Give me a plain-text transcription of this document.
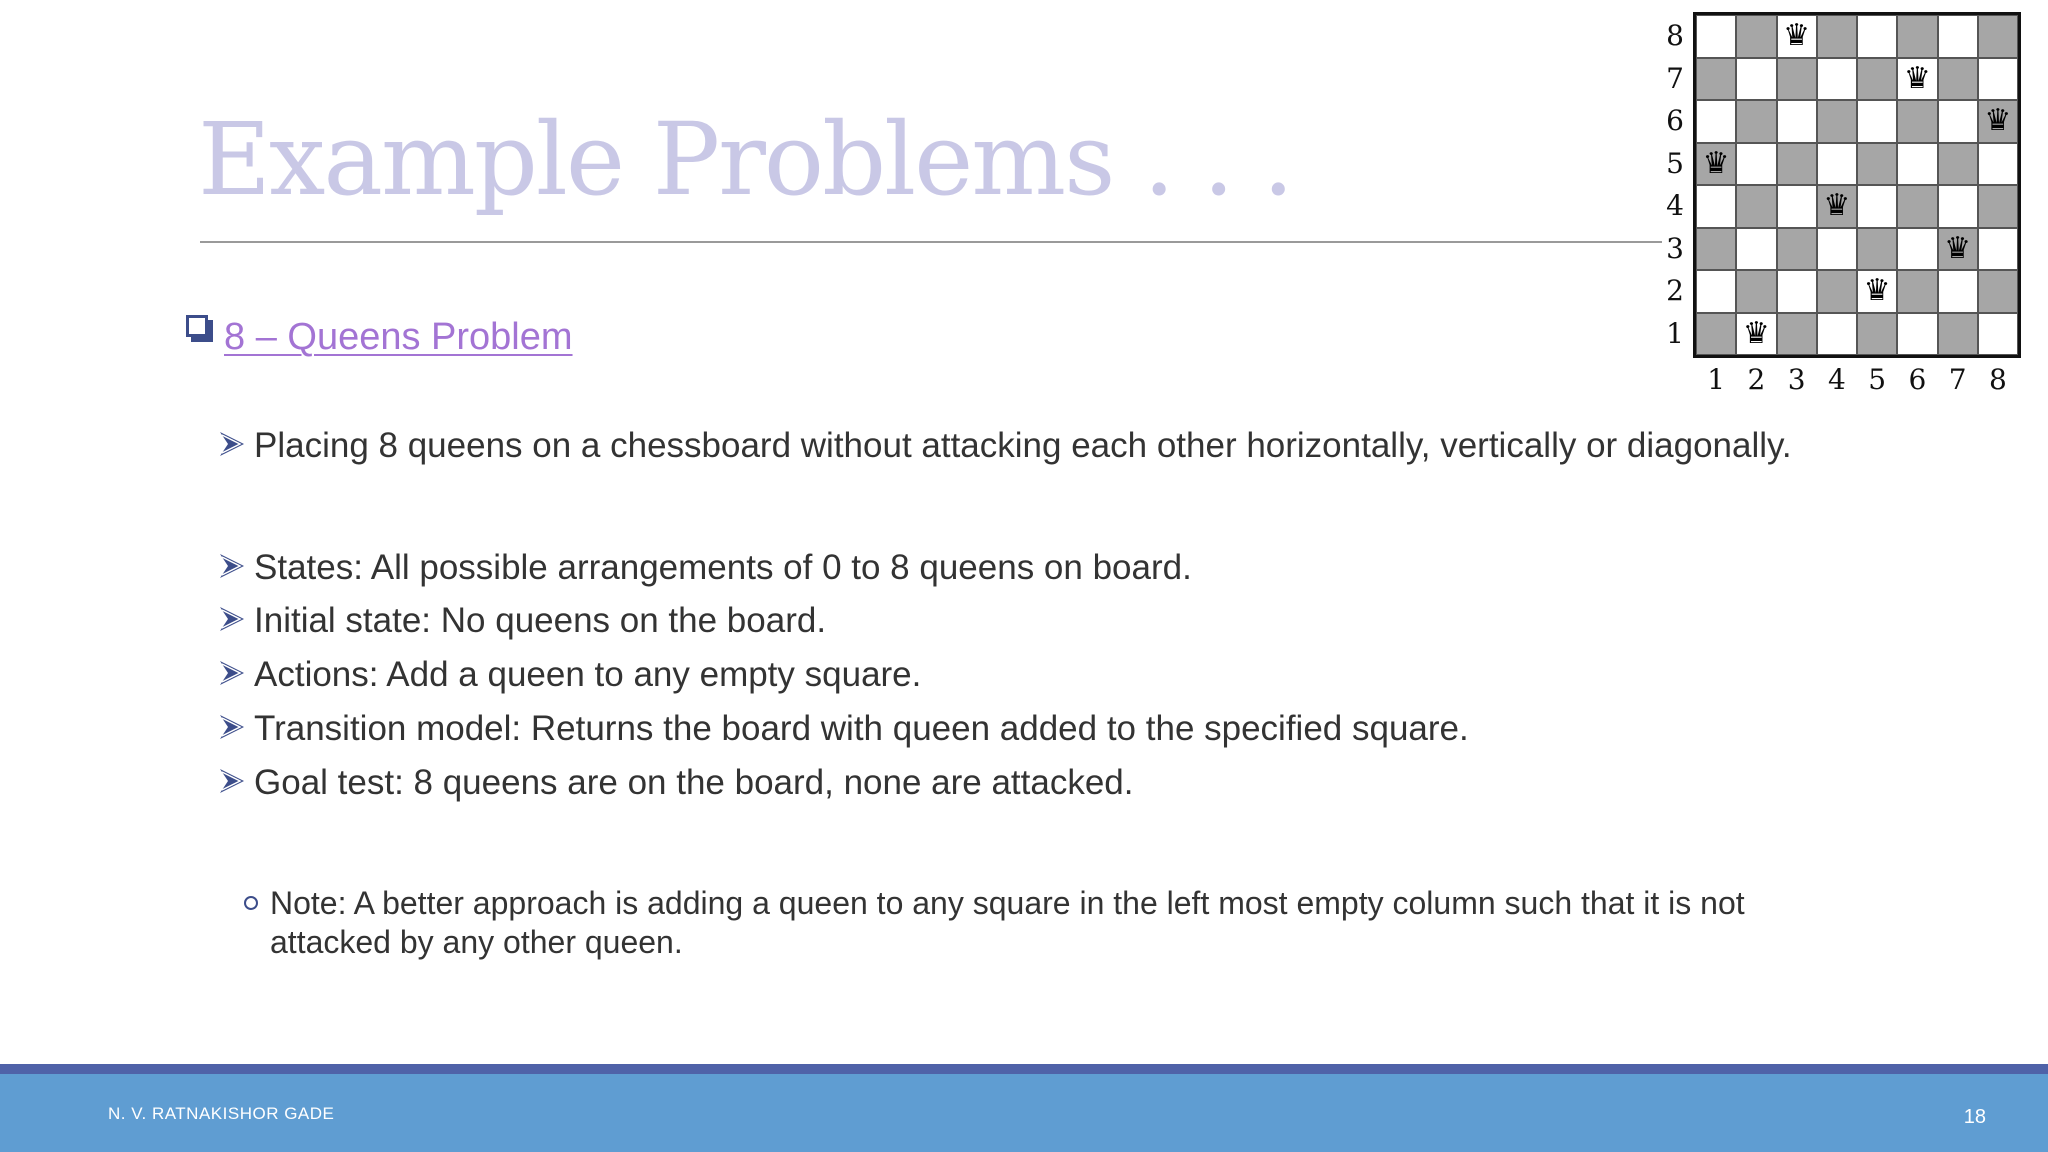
Example Problems . . .
8 – Queens Problem
Placing 8 queens on a chessboard without attacking each other horizontally, vertically or diagonally.
States: All possible arrangements of 0 to 8 queens on board.
Initial state: No queens on the board.
Actions: Add a queen to any empty square.
Transition model: Returns the board with queen added to the specified square.
Goal test: 8 queens are on the board, none are attacked.
Note: A better approach is adding a queen to any square in the left most empty column such that it is not attacked by any other queen.
♛
♛
♛
♛
♛
♛
♛
♛
8
7
6
5
4
3
2
1
1 2 3 4 5 6 7 8
N. V. RATNAKISHOR GADE	18
